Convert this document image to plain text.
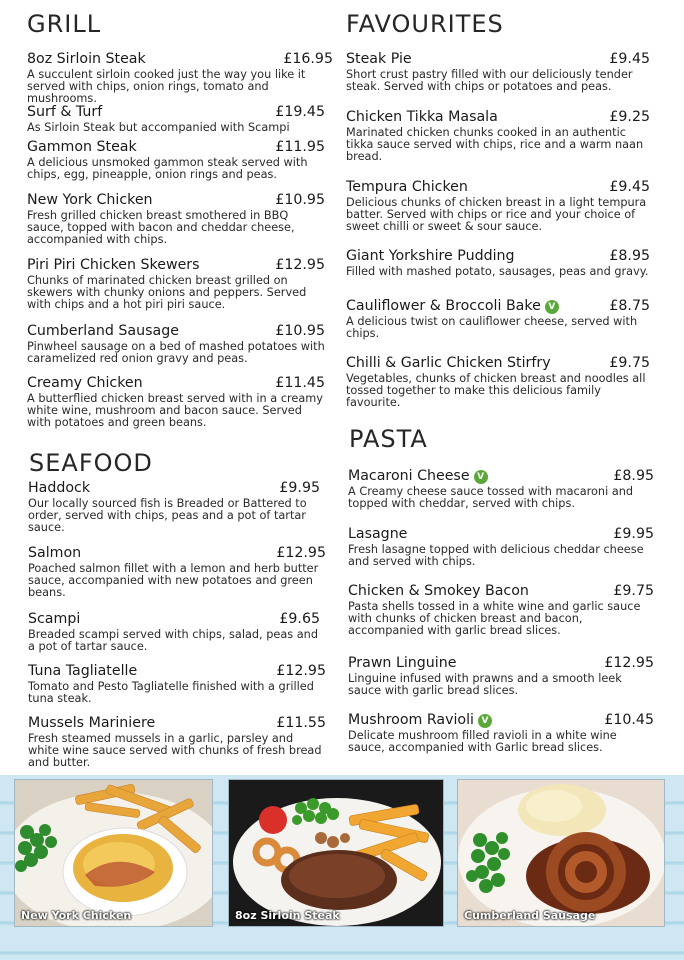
GRILL
8oz Sirloin Steak	£16.95
A succulent sirloin cooked just the way you like it served with chips, onion rings, tomato and mushrooms.
Surf & Turf	£19.45
As Sirloin Steak but accompanied with Scampi
Gammon Steak	£11.95
A delicious unsmoked gammon steak served with chips, egg, pineapple, onion rings and peas.
New York Chicken	£10.95
Fresh grilled chicken breast smothered in BBQ sauce, topped with bacon and cheddar cheese, accompanied with chips.
Piri Piri Chicken Skewers	£12.95
Chunks of marinated chicken breast grilled on skewers with chunky onions and peppers. Served with chips and a hot piri piri sauce.
Cumberland Sausage	£10.95
Pinwheel sausage on a bed of mashed potatoes with caramelized red onion gravy and peas.
Creamy Chicken	£11.45
A butterflied chicken breast served with in a creamy white wine, mushroom and bacon sauce. Served with potatoes and green beans.
SEAFOOD
Haddock	£9.95
Our locally sourced fish is Breaded or Battered to order, served with chips, peas and a pot of tartar sauce.
Salmon	£12.95
Poached salmon fillet with a lemon and herb butter sauce, accompanied with new potatoes and green beans.
Scampi	£9.65
Breaded scampi served with chips, salad, peas and a pot of tartar sauce.
Tuna Tagliatelle	£12.95
Tomato and Pesto Tagliatelle finished with a grilled tuna steak.
Mussels Mariniere	£11.55
Fresh steamed mussels in a garlic, parsley and white wine sauce served with chunks of fresh bread and butter.
FAVOURITES
Steak Pie	£9.45
Short crust pastry filled with our deliciously tender steak. Served with chips or potatoes and peas.
Chicken Tikka Masala	£9.25
Marinated chicken chunks cooked in an authentic tikka sauce served with chips, rice and a warm naan bread.
Tempura Chicken	£9.45
Delicious chunks of chicken breast in a light tempura batter. Served with chips or rice and your choice of sweet chilli or sweet & sour sauce.
Giant Yorkshire Pudding	£8.95
Filled with mashed potato, sausages, peas and gravy.
Cauliflower & Broccoli Bake V	£8.75
A delicious twist on cauliflower cheese, served with chips.
Chilli & Garlic Chicken Stirfry	£9.75
Vegetables, chunks of chicken breast and noodles all tossed together to make this delicious family favourite.
PASTA
Macaroni Cheese V	£8.95
A Creamy cheese sauce tossed with macaroni and topped with cheddar, served with chips.
Lasagne	£9.95
Fresh lasagne topped with delicious cheddar cheese and served with chips.
Chicken & Smokey Bacon	£9.75
Pasta shells tossed in a white wine and garlic sauce with chunks of chicken breast and bacon, accompanied with garlic bread slices.
Prawn Linguine	£12.95
Linguine infused with prawns and a smooth leek sauce with garlic bread slices.
Mushroom Ravioli V	£10.45
Delicate mushroom filled ravioli in a white wine sauce, accompanied with Garlic bread slices.
New York Chicken	8oz Sirloin Steak	Cumberland Sausage
